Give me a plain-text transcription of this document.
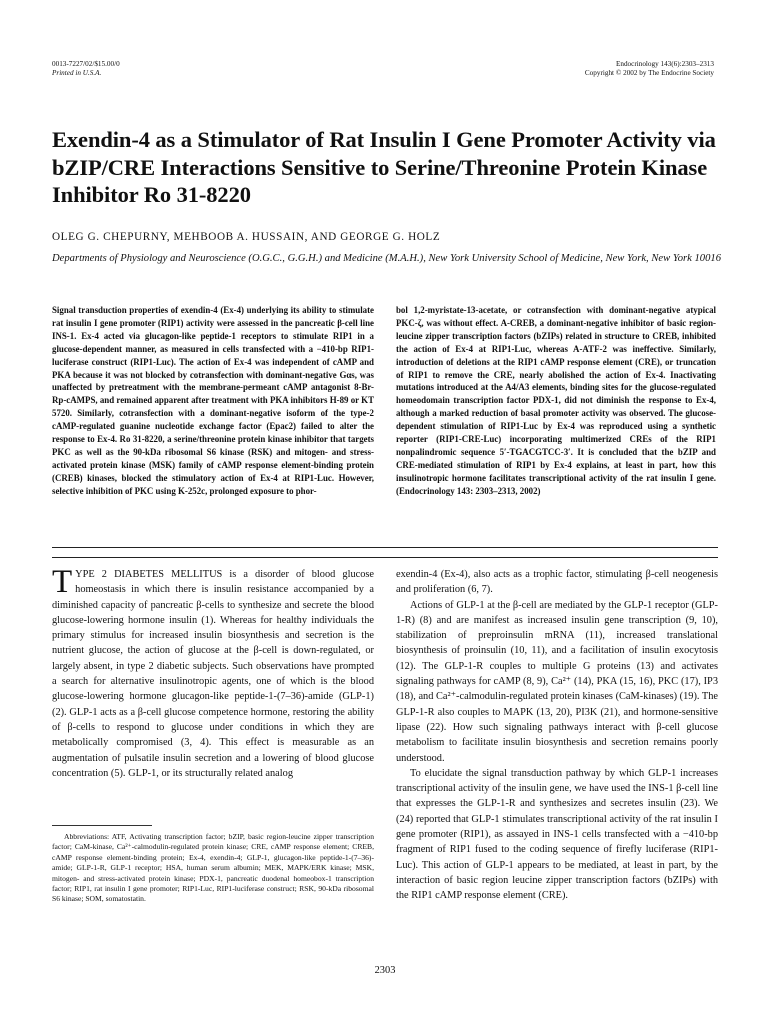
0013-7227/02/$15.00/0
Printed in U.S.A.
Endocrinology 143(6):2303–2313
Copyright © 2002 by The Endocrine Society
Exendin-4 as a Stimulator of Rat Insulin I Gene Promoter Activity via bZIP/CRE Interactions Sensitive to Serine/Threonine Protein Kinase Inhibitor Ro 31-8220
OLEG G. CHEPURNY, MEHBOOB A. HUSSAIN, AND GEORGE G. HOLZ
Departments of Physiology and Neuroscience (O.G.C., G.G.H.) and Medicine (M.A.H.), New York University School of Medicine, New York, New York 10016
Signal transduction properties of exendin-4 (Ex-4) underlying its ability to stimulate rat insulin I gene promoter (RIP1) activity were assessed in the pancreatic β-cell line INS-1. Ex-4 acted via glucagon-like peptide-1 receptors to stimulate RIP1 in a glucose-dependent manner, as measured in cells transfected with a −410-bp RIP1-luciferase construct (RIP1-Luc). The action of Ex-4 was independent of cAMP and PKA because it was not blocked by cotransfection with dominant-negative Gαs, was unaffected by pretreatment with the membrane-permeant cAMP antagonist 8-Br-Rp-cAMPS, and remained apparent after treatment with PKA inhibitors H-89 or KT 5720. Similarly, cotransfection with a dominant-negative isoform of the type-2 cAMP-regulated guanine nucleotide exchange factor (Epac2) failed to alter the response to Ex-4. Ro 31-8220, a serine/threonine protein kinase inhibitor that targets PKC as well as the 90-kDa ribosomal S6 kinase (RSK) and mitogen- and stress-activated protein kinase (MSK) family of cAMP response element-binding protein (CREB) kinases, blocked the stimulatory action of Ex-4 at RIP1-Luc. However, selective inhibition of PKC using K-252c, prolonged exposure to phor-
bol 1,2-myristate-13-acetate, or cotransfection with dominant-negative atypical PKC-ζ, was without effect. A-CREB, a dominant-negative inhibitor of basic region-leucine zipper transcription factors (bZIPs) related in structure to CREB, inhibited the action of Ex-4 at RIP1-Luc, whereas A-ATF-2 was ineffective. Similarly, introduction of deletions at the RIP1 cAMP response element (CRE), or truncation of RIP1 to remove the CRE, nearly abolished the action of Ex-4. Inactivating mutations introduced at the A4/A3 elements, binding sites for the glucose-regulated homeodomain transcription factor PDX-1, did not diminish the response to Ex-4, although a marked reduction of basal promoter activity was observed. The glucose-dependent stimulation of RIP1-Luc by Ex-4 was reproduced using a synthetic reporter (RIP1-CRE-Luc) incorporating multimerized CREs of the RIP1 nonpalindromic sequence 5′-TGACGTCC-3′. It is concluded that the bZIP and CRE-mediated stimulation of RIP1 by Ex-4 explains, at least in part, how this insulinotropic hormone facilitates transcriptional activity of the rat insulin I gene. (Endocrinology 143: 2303–2313, 2002)

TYPE 2 DIABETES MELLITUS is a disorder of blood glucose homeostasis in which there is insulin resistance accompanied by a diminished capacity of pancreatic β-cells to synthesize and secrete the blood glucose-lowering hormone insulin (1). Whereas for healthy individuals the primary stimulus for increased insulin biosynthesis and secretion is the nutrient glucose, the action of glucose at the β-cell is down-regulated, or largely absent, in type 2 diabetic subjects. Such observations have prompted a search for alternative insulinotropic agents, one of which is the blood glucose-lowering hormone glucagon-like peptide-1-(7–36)-amide (GLP-1) (2). GLP-1 acts as a β-cell glucose competence hormone, restoring the ability of β-cells to respond to glucose under conditions in which they are metabolically compromised (3, 4). This effect is measurable as an augmentation of pulsatile insulin secretion and a lowering of blood glucose concentration (5). GLP-1, or its structurally related analog

exendin-4 (Ex-4), also acts as a trophic factor, stimulating β-cell neogenesis and proliferation (6, 7).

Actions of GLP-1 at the β-cell are mediated by the GLP-1 receptor (GLP-1-R) (8) and are manifest as increased insulin gene transcription (9, 10), stabilization of preproinsulin mRNA (11), increased translational biosynthesis of proinsulin (10, 11), and a facilitation of insulin exocytosis (12). The GLP-1-R couples to multiple G proteins (13) and activates signaling pathways for cAMP (8, 9), Ca²⁺ (14), PKA (15, 16), PKC (17), IP3 (18), and Ca²⁺-calmodulin-regulated protein kinases (CaM-kinases) (19). The GLP-1-R also couples to MAPK (13, 20), PI3K (21), and hormone-sensitive lipase (22). How such signaling pathways interact with β-cell glucose metabolism to facilitate insulin biosynthesis and secretion remains poorly understood.

To elucidate the signal transduction pathway by which GLP-1 increases transcriptional activity of the insulin gene, we have used the INS-1 β-cell line that expresses the GLP-1-R and synthesizes and secretes insulin (23). We (24) reported that GLP-1 stimulates transcriptional activity of the rat insulin I gene promoter (RIP1), as assayed in INS-1 cells transfected with a −410-bp fragment of RIP1 fused to the coding sequence of firefly luciferase (RIP1-Luc). This action of GLP-1 appears to be mediated, at least in part, by the interaction of basic region leucine zipper transcription factors (bZIPs) with the RIP1 cAMP response element (CRE).

Abbreviations: ATF, Activating transcription factor; bZIP, basic region-leucine zipper transcription factor; CaM-kinase, Ca²⁺-calmodulin-regulated protein kinase; CRE, cAMP response element; CREB, cAMP response element-binding protein; Ex-4, exendin-4; GLP-1, glucagon-like peptide-1-(7–36)-amide; GLP-1-R, GLP-1 receptor; HSA, human serum albumin; MEK, MAPK/ERK kinase; MSK, mitogen- and stress-activated protein kinase; PDX-1, pancreatic duodenal homeobox-1 transcription factor; RIP1, rat insulin I gene promoter; RIP1-Luc, RIP1-luciferase construct; RSK, 90-kDa ribosomal S6 kinase; SOM, somatostatin.
2303
